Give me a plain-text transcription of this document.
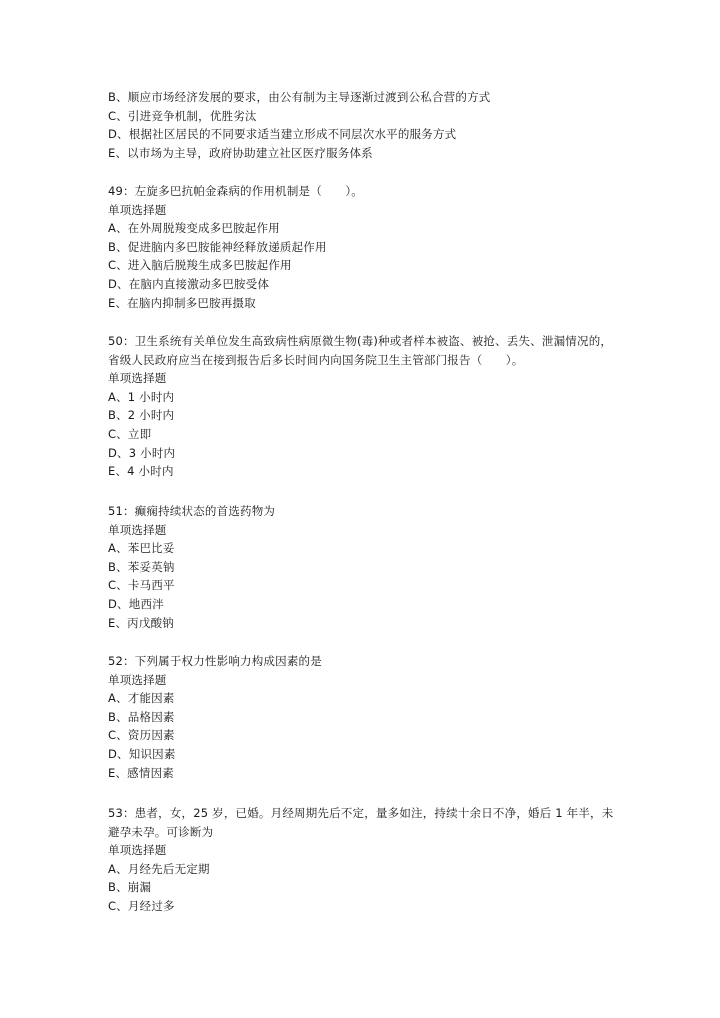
B、顺应市场经济发展的要求，由公有制为主导逐渐过渡到公私合营的方式
C、引进竞争机制，优胜劣汰
D、根据社区居民的不同要求适当建立形成不同层次水平的服务方式
E、以市场为主导，政府协助建立社区医疗服务体系
49：左旋多巴抗帕金森病的作用机制是（　　）。
单项选择题
A、在外周脱羧变成多巴胺起作用
B、促进脑内多巴胺能神经释放递质起作用
C、进入脑后脱羧生成多巴胺起作用
D、在脑内直接激动多巴胺受体
E、在脑内抑制多巴胺再摄取
50：卫生系统有关单位发生高致病性病原微生物(毒)种或者样本被盗、被抢、丢失、泄漏情况的，省级人民政府应当在接到报告后多长时间内向国务院卫生主管部门报告（　　）。
单项选择题
A、1 小时内
B、2 小时内
C、立即
D、3 小时内
E、4 小时内
51：癫痫持续状态的首选药物为
单项选择题
A、苯巴比妥
B、苯妥英钠
C、卡马西平
D、地西泮
E、丙戊酸钠
52：下列属于权力性影响力构成因素的是
单项选择题
A、才能因素
B、品格因素
C、资历因素
D、知识因素
E、感情因素
53：患者，女，25 岁，已婚。月经周期先后不定，量多如注，持续十余日不净，婚后 1 年半，未避孕未孕。可诊断为
单项选择题
A、月经先后无定期
B、崩漏
C、月经过多
